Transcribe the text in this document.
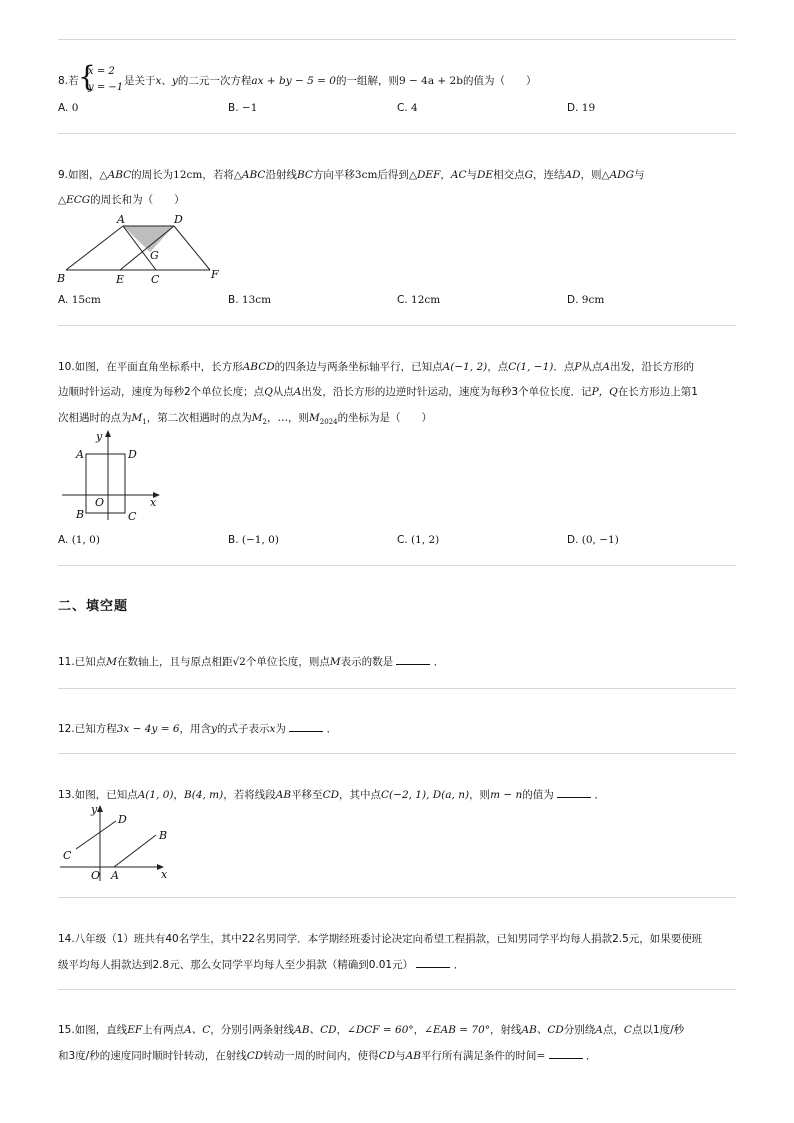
8.若 {
x = 2
y = −1
是关于x、y的二元一次方程ax + by − 5 = 0的一组解，则9 − 4a + 2b的值为（　　）
A. 0	B. −1	C. 4	D. 19
9.如图，△ABC的周长为12cm，若将△ABC沿射线BC方向平移3cm后得到△DEF，AC与DE相交点G，连结AD，则△ADG与
△ECG的周长和为（　　）
A	D
G
B	E C	F
A. 15cm	B. 13cm	C. 12cm	D. 9cm
10.如图，在平面直角坐标系中，长方形ABCD的四条边与两条坐标轴平行，已知点A(−1, 2)，点C(1, −1)．点P从点A出发，沿长方形的
边顺时针运动，速度为每秒2个单位长度；点Q从点A出发，沿长方形的边逆时针运动，速度为每秒3个单位长度．记P，Q在长方形边上第1
次相遇时的点为$M_1$，第二次相遇时的点为$M_2$，…，则$M_{2024}$的坐标为是（　　）
y
A	D
O	x
B	C
A. (1, 0)	B. (−1, 0)	C. (1, 2)	D. (0, −1)
二、填空题
11.已知点M在数轴上，且与原点相距√2个单位长度，则点M表示的数是	．
12.已知方程3x − 4y = 6，用含y的式子表示x为	．
13.如图，已知点A(1, 0)，B(4, m)，若将线段AB平移至CD，其中点C(−2, 1), D(a, n)，则m − n的值为	．
y
D
B
C
O A	x
14.八年级（1）班共有40名学生，其中22名男同学．本学期经班委讨论决定向希望工程捐款，已知男同学平均每人捐款2.5元，如果要使班
级平均每人捐款达到2.8元、那么女同学平均每人至少捐款（精确到0.01元）	．
15.如图，直线EF上有两点A、C，分别引两条射线AB、CD，∠DCF = 60°，∠EAB = 70°，射线AB、CD分别绕A点，C点以1度/秒
和3度/秒的速度同时顺时针转动，在射线CD转动一周的时间内，使得CD与AB平行所有满足条件的时间=	．
